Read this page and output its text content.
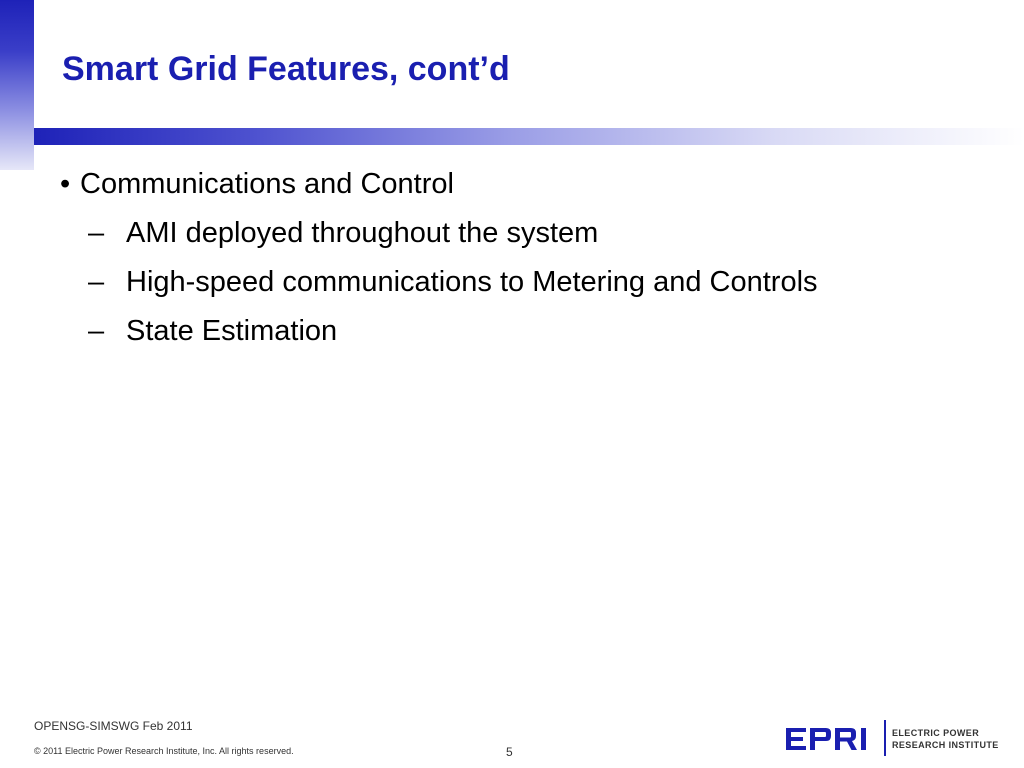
Smart Grid Features, cont’d
• Communications and Control
– AMI deployed throughout the system
– High-speed communications to Metering and Controls
– State Estimation
OPENSG-SIMSWG Feb 2011
© 2011 Electric Power Research Institute, Inc. All rights reserved.	5
ELECTRIC POWER
RESEARCH INSTITUTE
